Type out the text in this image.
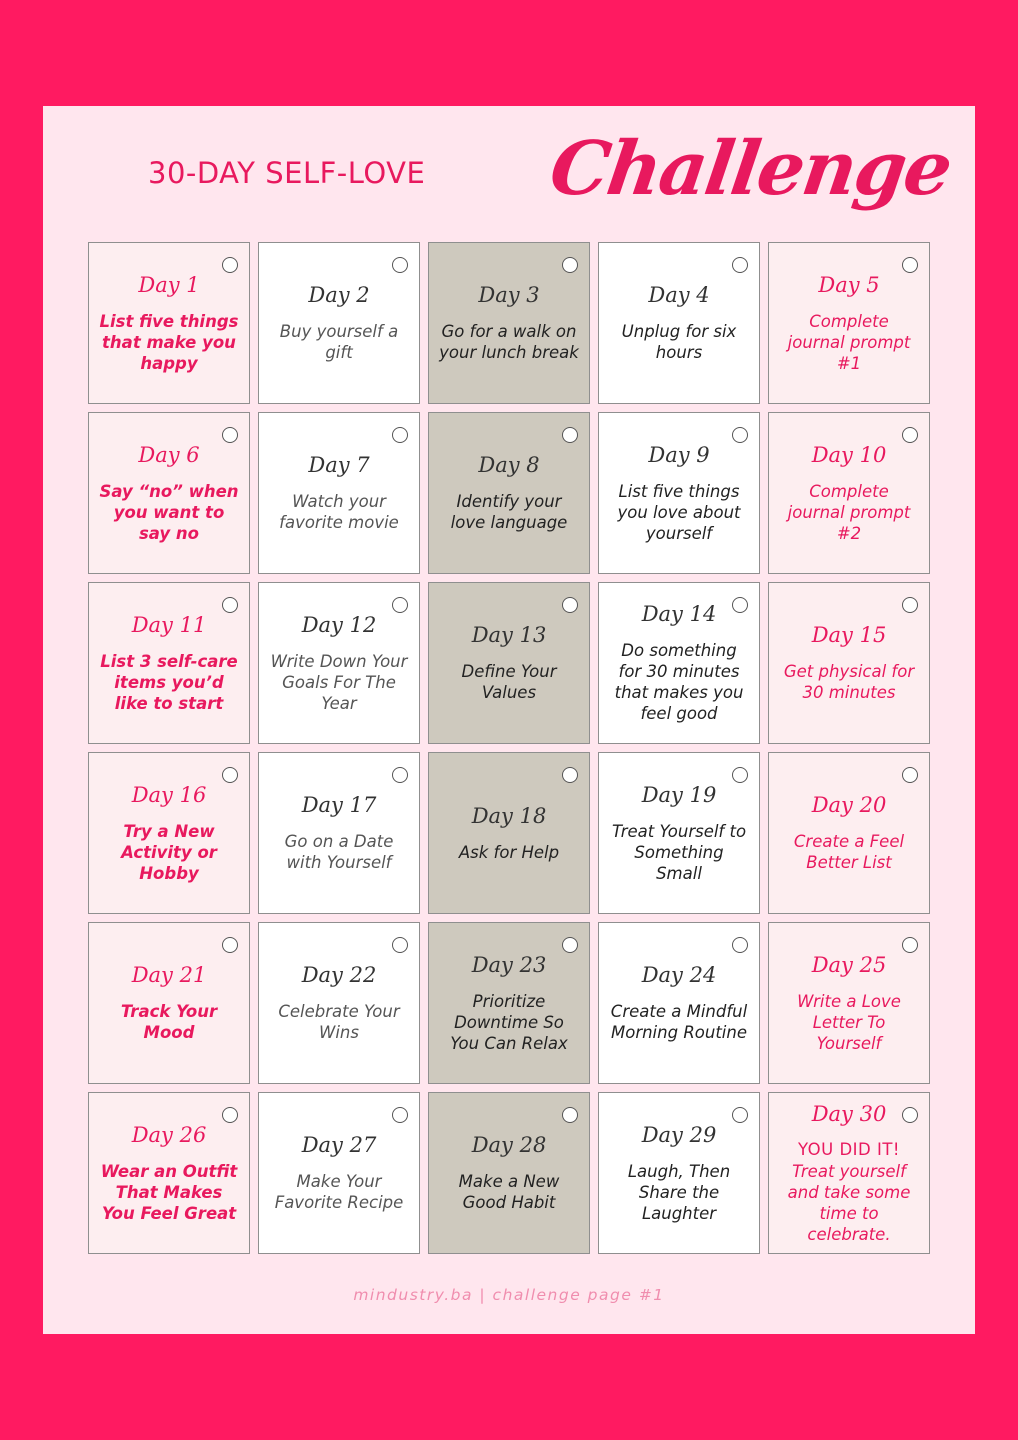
30-DAY SELF-LOVE	Challenge
Day 1
List five things that make you happy
Day 2
Buy yourself a gift
Day 3
Go for a walk on your lunch break
Day 4
Unplug for six hours
Day 5
Complete journal prompt #1
Day 6
Say “no” when you want to say no
Day 7
Watch your favorite movie
Day 8
Identify your love language
Day 9
List five things you love about yourself
Day 10
Complete journal prompt #2
Day 11
List 3 self-care items you’d like to start
Day 12
Write Down Your Goals For The Year
Day 13
Define Your Values
Day 14
Do something for 30 minutes that makes you feel good
Day 15
Get physical for 30 minutes
Day 16
Try a New Activity or Hobby
Day 17
Go on a Date with Yourself
Day 18
Ask for Help
Day 19
Treat Yourself to Something Small
Day 20
Create a Feel Better List
Day 21
Track Your Mood
Day 22
Celebrate Your Wins
Day 23
Prioritize Downtime So You Can Relax
Day 24
Create a Mindful Morning Routine
Day 25
Write a Love Letter To Yourself
Day 26
Wear an Outfit That Makes You Feel Great
Day 27
Make Your Favorite Recipe
Day 28
Make a New Good Habit
Day 29
Laugh, Then Share the Laughter
Day 30
YOU DID IT!
Treat yourself and take some time to celebrate.
mindustry.ba | challenge page #1
